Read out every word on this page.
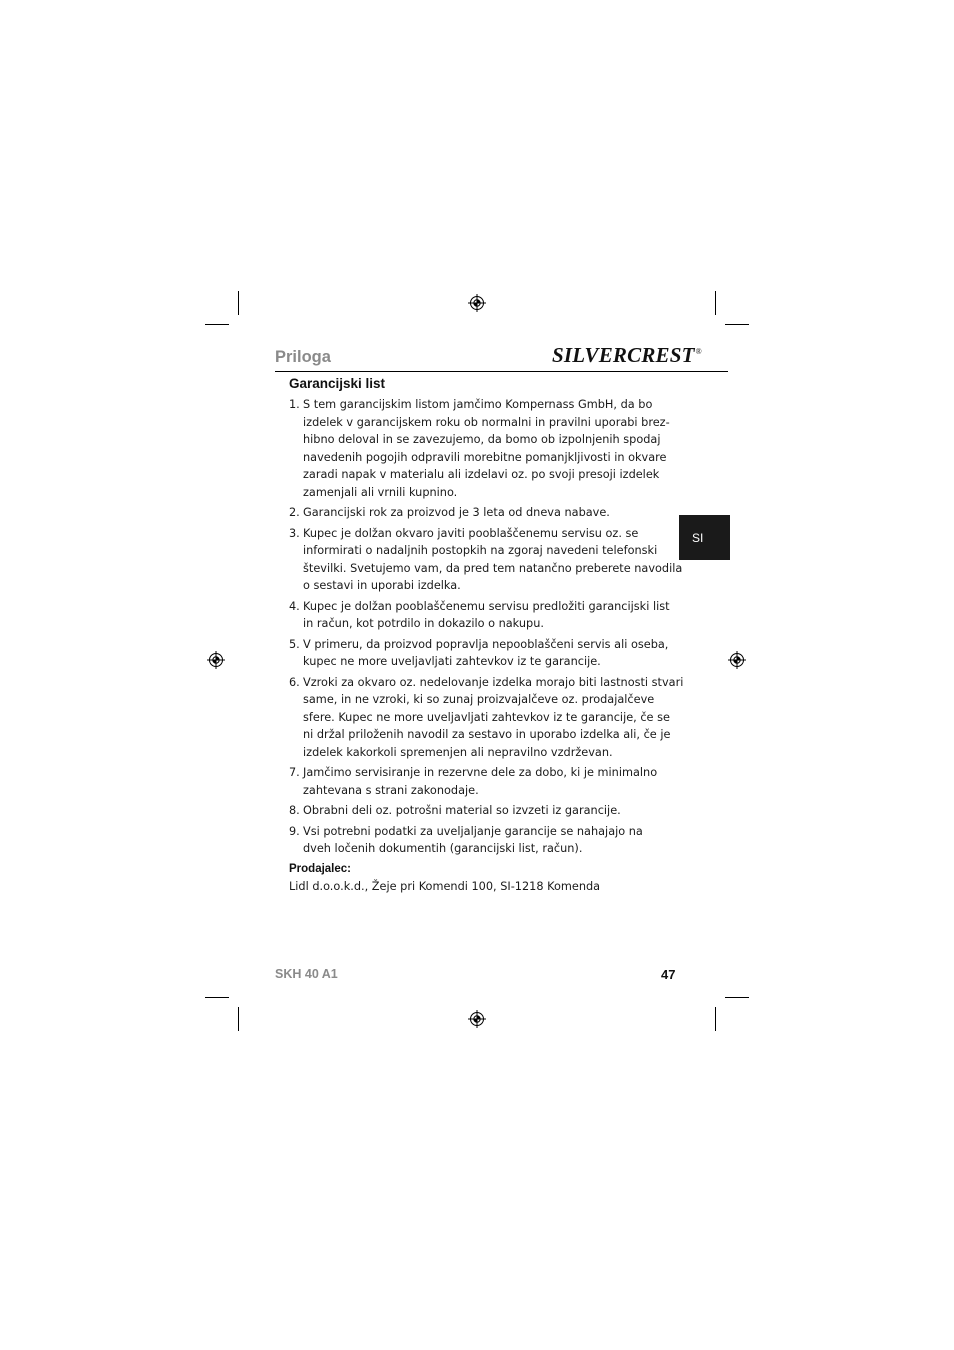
Priloga	SILVERCREST®
SI
Garancijski list
1. S tem garancijskim listom jamčimo Kompernass GmbH, da bo
izdelek v garancijskem roku ob normalni in pravilni uporabi brez-
hibno deloval in se zavezujemo, da bomo ob izpolnjenih spodaj
navedenih pogojih odpravili morebitne pomanjkljivosti in okvare
zaradi napak v materialu ali izdelavi oz. po svoji presoji izdelek
zamenjali ali vrnili kupnino.
2. Garancijski rok za proizvod je 3 leta od dneva nabave.
3. Kupec je dolžan okvaro javiti pooblaščenemu servisu oz. se
informirati o nadaljnih postopkih na zgoraj navedeni telefonski
številki. Svetujemo vam, da pred tem natančno preberete navodila
o sestavi in uporabi izdelka.
4. Kupec je dolžan pooblaščenemu servisu predložiti garancijski list
in račun, kot potrdilo in dokazilo o nakupu.
5. V primeru, da proizvod popravlja nepooblaščeni servis ali oseba,
kupec ne more uveljavljati zahtevkov iz te garancije.
6. Vzroki za okvaro oz. nedelovanje izdelka morajo biti lastnosti stvari
same, in ne vzroki, ki so zunaj proizvajalčeve oz. prodajalčeve
sfere. Kupec ne more uveljavljati zahtevkov iz te garancije, če se
ni držal priloženih navodil za sestavo in uporabo izdelka ali, če je
izdelek kakorkoli spremenjen ali nepravilno vzdrževan.
7. Jamčimo servisiranje in rezervne dele za dobo, ki je minimalno
zahtevana s strani zakonodaje.
8. Obrabni deli oz. potrošni material so izvzeti iz garancije.
9. Vsi potrebni podatki za uveljaljanje garancije se nahajajo na
dveh ločenih dokumentih (garancijski list, račun).
Prodajalec:
Lidl d.o.o.k.d., Žeje pri Komendi 100, SI-1218 Komenda
SKH 40 A1	47
